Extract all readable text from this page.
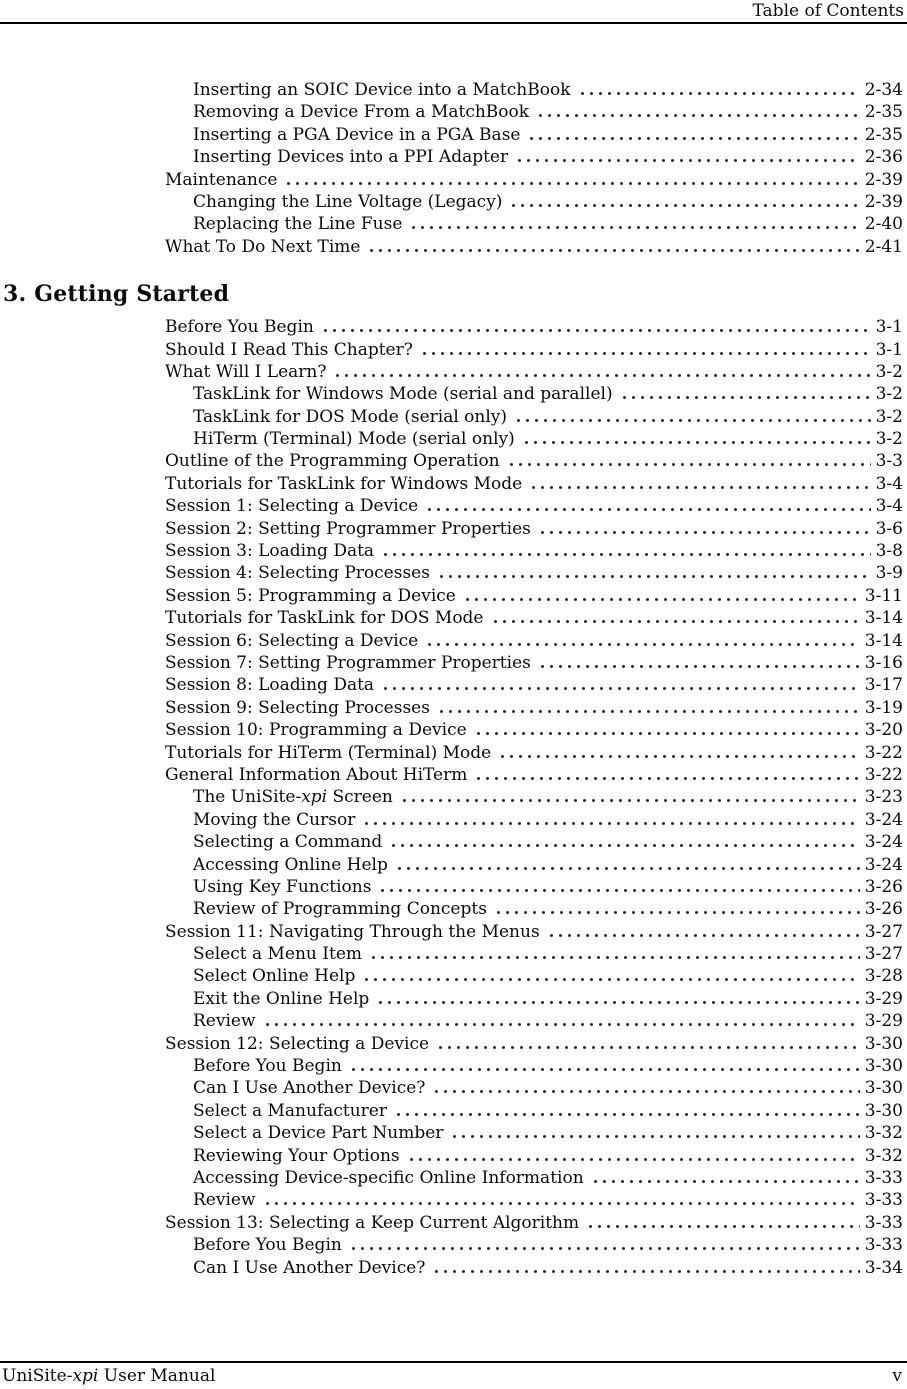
Table of Contents
Inserting an SOIC Device into a MatchBook	2-34
Removing a Device From a MatchBook	2-35
Inserting a PGA Device in a PGA Base	2-35
Inserting Devices into a PPI Adapter	2-36
Maintenance	2-39
Changing the Line Voltage (Legacy)	2-39
Replacing the Line Fuse	2-40
What To Do Next Time	2-41
3. Getting Started
Before You Begin	3-1
Should I Read This Chapter?	3-1
What Will I Learn?	3-2
TaskLink for Windows Mode (serial and parallel)	3-2
TaskLink for DOS Mode (serial only)	3-2
HiTerm (Terminal) Mode (serial only)	3-2
Outline of the Programming Operation	3-3
Tutorials for TaskLink for Windows Mode	3-4
Session 1: Selecting a Device	3-4
Session 2: Setting Programmer Properties	3-6
Session 3: Loading Data	3-8
Session 4: Selecting Processes	3-9
Session 5: Programming a Device	3-11
Tutorials for TaskLink for DOS Mode	3-14
Session 6: Selecting a Device	3-14
Session 7: Setting Programmer Properties	3-16
Session 8: Loading Data	3-17
Session 9: Selecting Processes	3-19
Session 10: Programming a Device	3-20
Tutorials for HiTerm (Terminal) Mode	3-22
General Information About HiTerm	3-22
The UniSite-xpi Screen	3-23
Moving the Cursor	3-24
Selecting a Command	3-24
Accessing Online Help	3-24
Using Key Functions	3-26
Review of Programming Concepts	3-26
Session 11: Navigating Through the Menus	3-27
Select a Menu Item	3-27
Select Online Help	3-28
Exit the Online Help	3-29
Review	3-29
Session 12: Selecting a Device	3-30
Before You Begin	3-30
Can I Use Another Device?	3-30
Select a Manufacturer	3-30
Select a Device Part Number	3-32
Reviewing Your Options	3-32
Accessing Device-specific Online Information	3-33
Review	3-33
Session 13: Selecting a Keep Current Algorithm	3-33
Before You Begin	3-33
Can I Use Another Device?	3-34
UniSite-xpi User Manual	v
